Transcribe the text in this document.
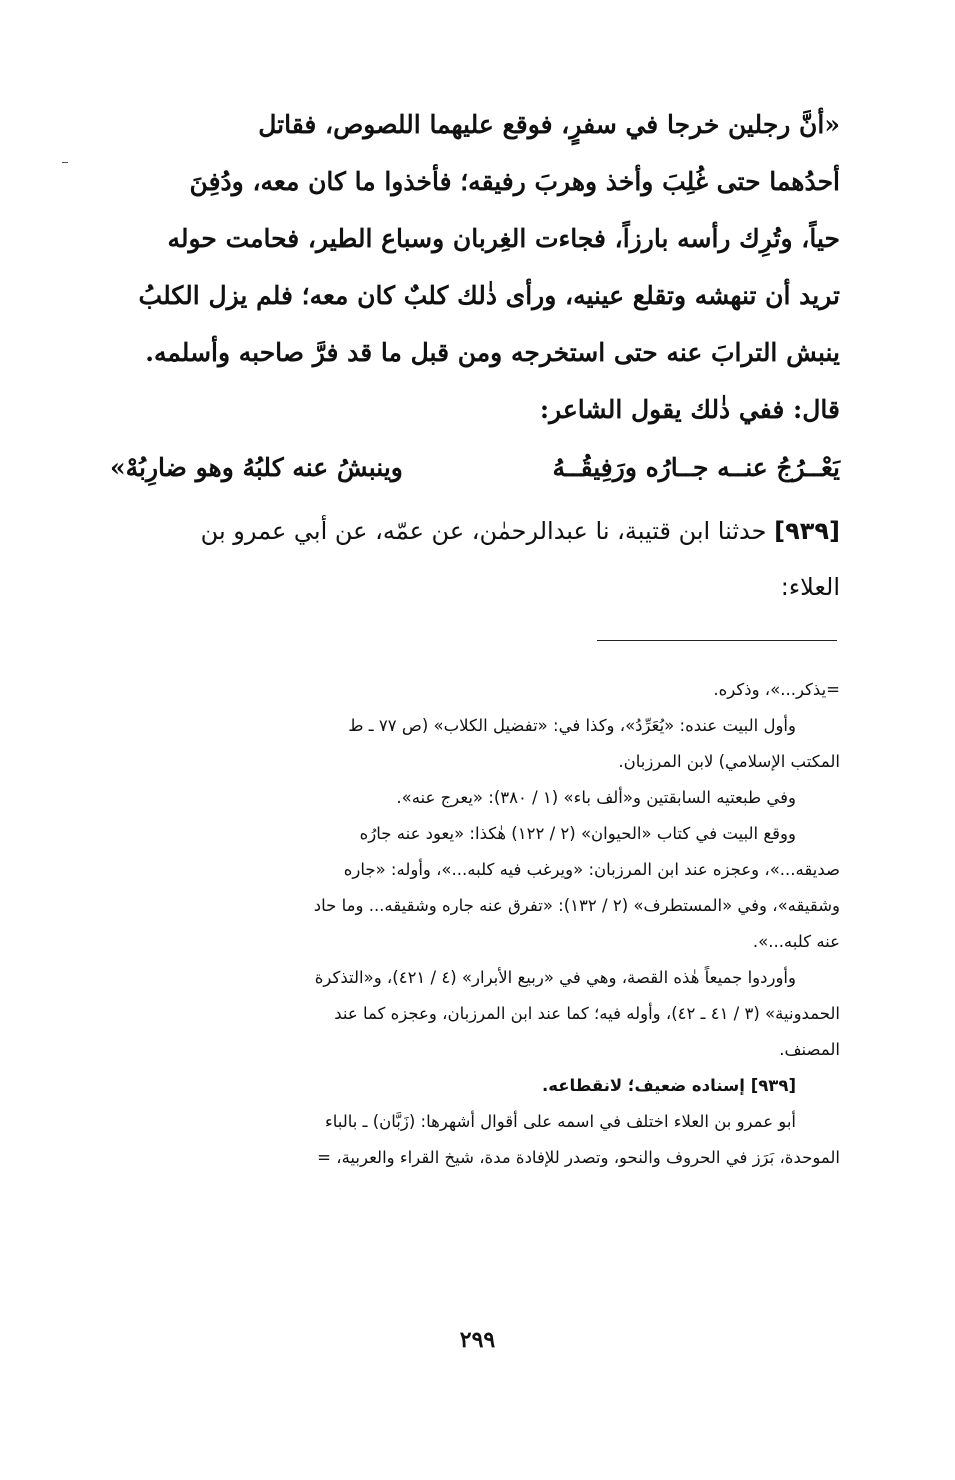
«أنَّ رجلين خرجا في سفرٍ، فوقع عليهما اللصوص، فقاتل
أحدُهما حتى غُلِبَ وأخذ وهربَ رفيقه؛ فأخذوا ما كان معه، ودُفِنَ
حياً، وتُرِك رأسه بارزاً، فجاءت الغِربان وسباع الطير، فحامت حوله
تريد أن تنهشه وتقلع عينيه، ورأى ذٰلك كلبٌ كان معه؛ فلم يزل الكلبُ
ينبش الترابَ عنه حتى استخرجه ومن قبل ما قد فرَّ صاحبه وأسلمه.
قال: ففي ذٰلك يقول الشاعر:
يَعْــرُجُ عنــه جــارُه ورَفِيقُــهُ
وينبشُ عنه كلبُهُ وهو ضارِبُهْ»
[٩٣٩] حدثنا ابن قتيبة، نا عبدالرحمٰن، عن عمّه، عن أبي عمرو بن
العلاء:
=يذكر...»، وذكره.
وأول البيت عنده: «يُعَرِّدُ»، وكذا في: «تفضيل الكلاب» (ص ٧٧ ـ ط
المكتب الإسلامي) لابن المرزبان.
وفي طبعتيه السابقتين و«ألف باء» (١ / ٣٨٠): «يعرج عنه».
ووقع البيت في كتاب «الحيوان» (٢ / ١٢٢) هٰكذا: «يعود عنه جارُه
صديقه...»، وعجزه عند ابن المرزبان: «ويرغب فيه كلبه...»، وأوله: «جاره
وشقيقه»، وفي «المستطرف» (٢ / ١٣٢): «تفرق عنه جاره وشقيقه... وما حاد
عنه كلبه...».
وأوردوا جميعاً هٰذه القصة، وهي في «ربيع الأبرار» (٤ / ٤٢١)، و«التذكرة
الحمدونية» (٣ / ٤١ ـ ٤٢)، وأوله فيه؛ كما عند ابن المرزبان، وعجزه كما عند
المصنف.
[٩٣٩] إسناده ضعيف؛ لانقطاعه.
أبو عمرو بن العلاء اختلف في اسمه على أقوال أشهرها: (زَبَّان) ـ بالباء
الموحدة، بَرَز في الحروف والنحو، وتصدر للإفادة مدة، شيخ القراء والعربية، =
٢٩٩
